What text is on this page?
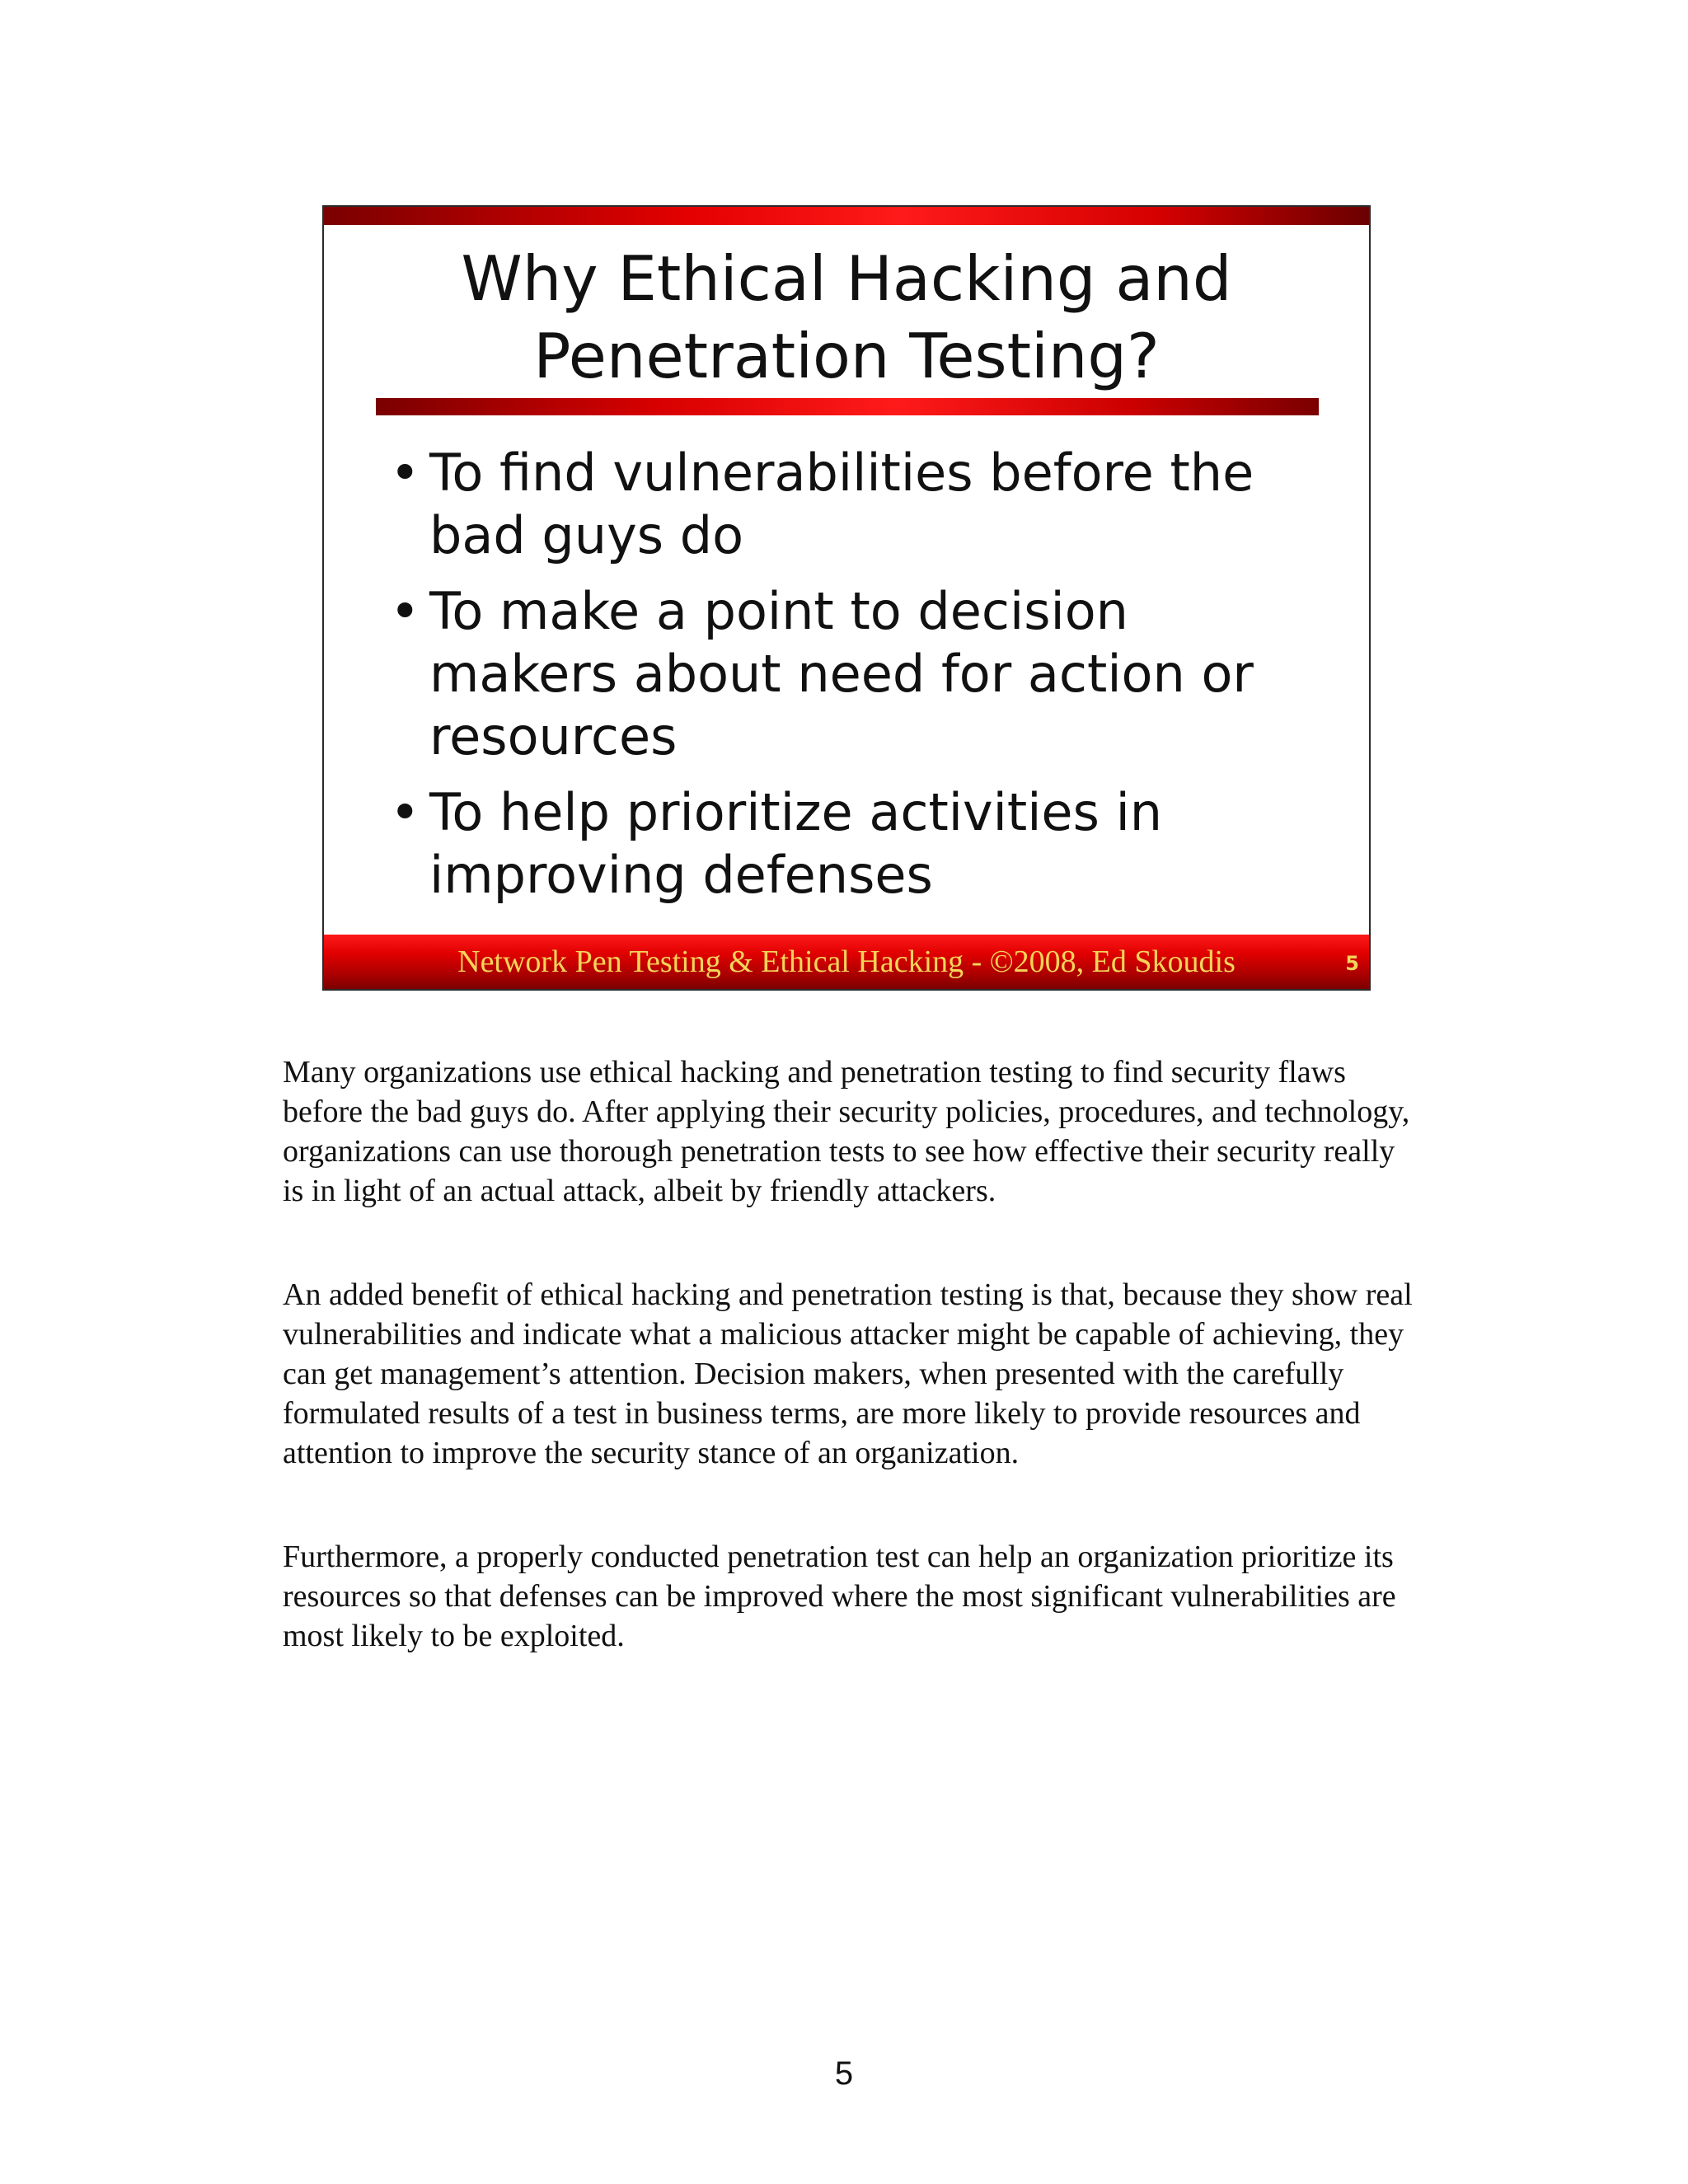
Why Ethical Hacking and
Penetration Testing?
• To find vulnerabilities before the bad guys do
• To make a point to decision makers about need for action or resources
• To help prioritize activities in improving defenses
Network Pen Testing & Ethical Hacking - ©2008, Ed Skoudis	5

Many organizations use ethical hacking and penetration testing to find security flaws before the bad guys do. After applying their security policies, procedures, and technology, organizations can use thorough penetration tests to see how effective their security really is in light of an actual attack, albeit by friendly attackers.

An added benefit of ethical hacking and penetration testing is that, because they show real vulnerabilities and indicate what a malicious attacker might be capable of achieving, they can get management’s attention. Decision makers, when presented with the carefully formulated results of a test in business terms, are more likely to provide resources and attention to improve the security stance of an organization.

Furthermore, a properly conducted penetration test can help an organization prioritize its resources so that defenses can be improved where the most significant vulnerabilities are most likely to be exploited.

5
